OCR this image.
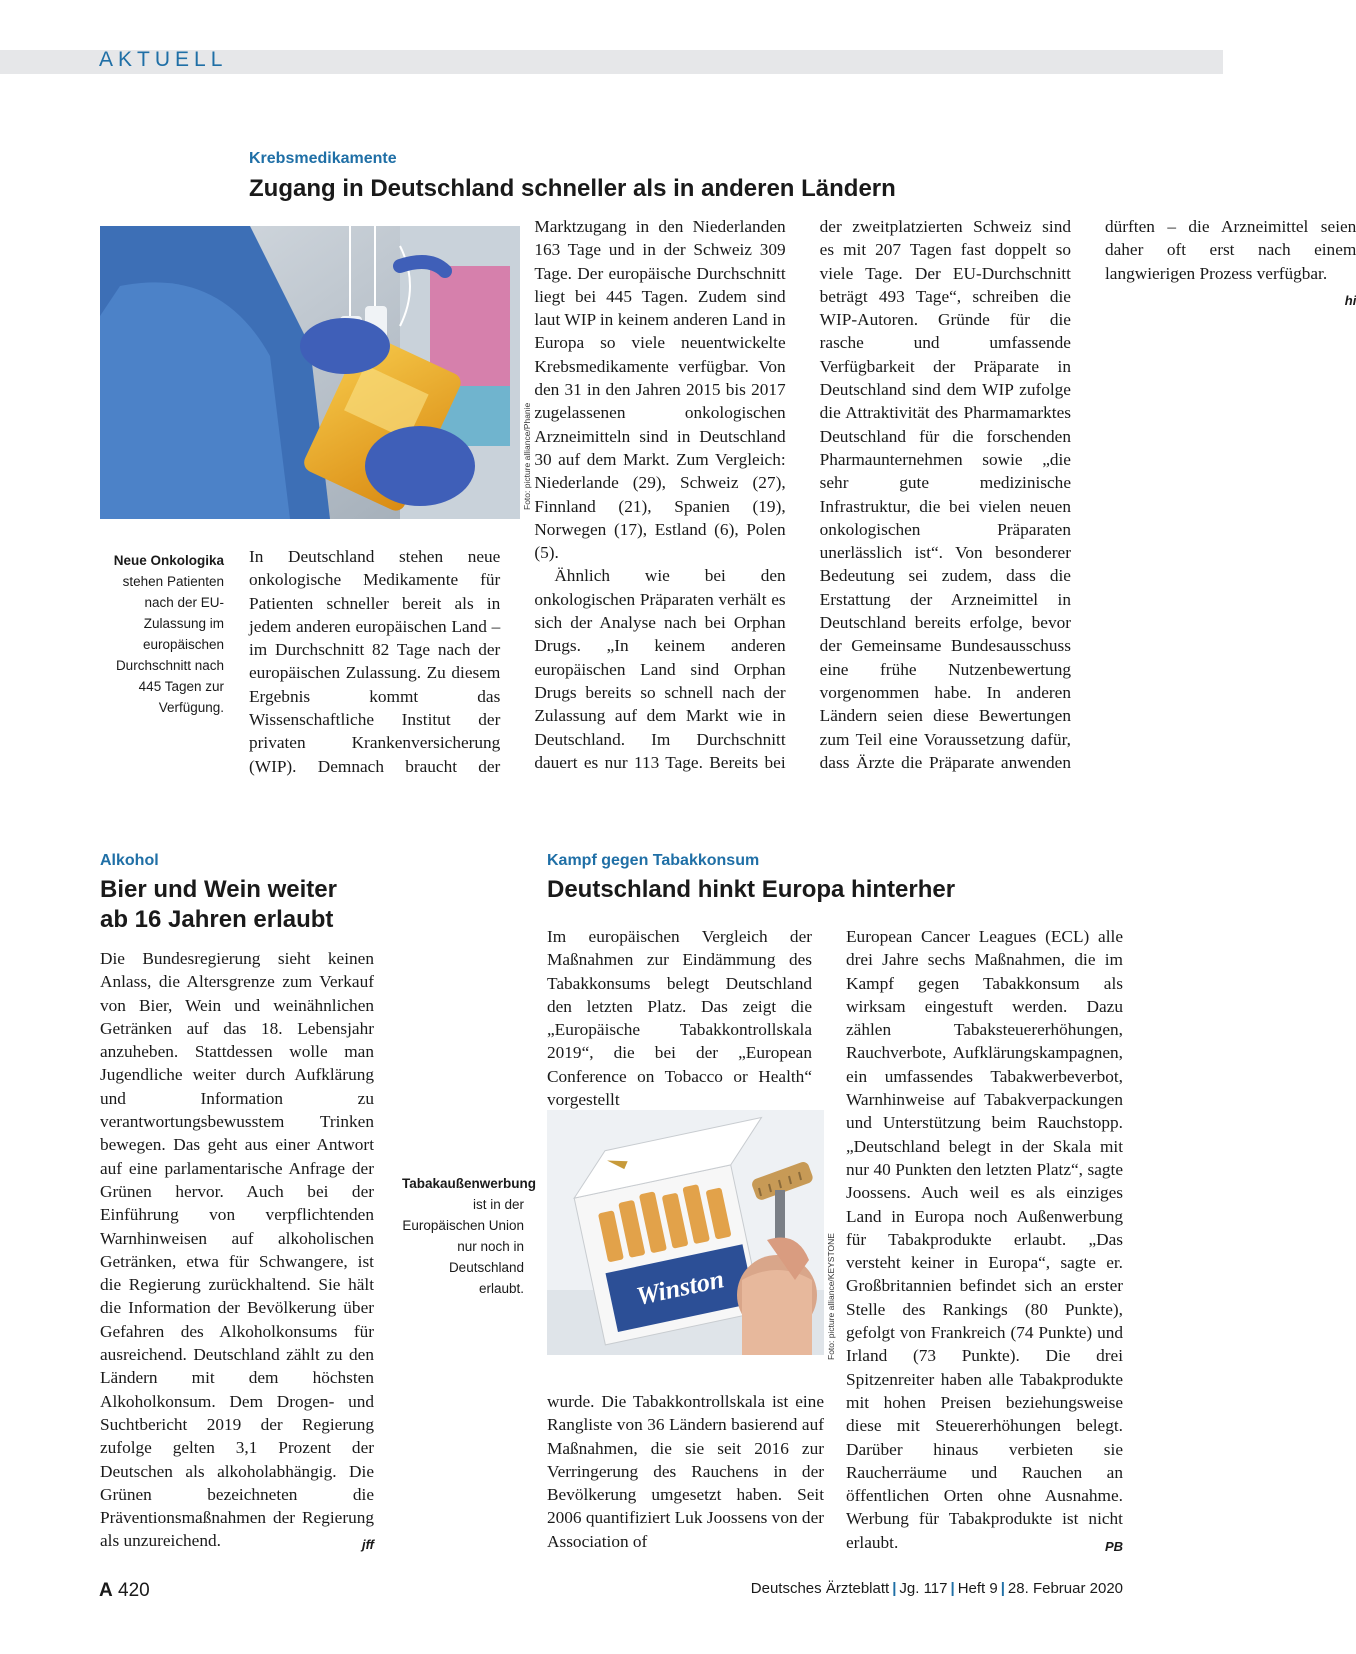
AKTUELL
Krebsmedikamente
Zugang in Deutschland schneller als in anderen Ländern
Foto: picture alliance/Phanie
Neue Onkologika
stehen Patienten nach der EU-Zulassung im europäischen Durchschnitt nach 445 Tagen zur Verfügung.

In Deutschland stehen neue onkologische Medikamente für Patienten schneller bereit als in jedem anderen europäischen Land – im Durchschnitt 82 Tage nach der europäischen Zulassung. Zu diesem Ergebnis kommt das Wissenschaftliche Institut der privaten Krankenversicherung (WIP). Demnach braucht der Marktzugang in den Niederlanden 163 Tage und in der Schweiz 309 Tage. Der europäische Durchschnitt liegt bei 445 Tagen. Zudem sind laut WIP in keinem anderen Land in Europa so viele neuentwickelte Krebsmedikamente verfügbar. Von den 31 in den Jahren 2015 bis 2017 zugelassenen onkologischen Arzneimitteln sind in Deutschland 30 auf dem Markt. Zum Vergleich: Niederlande (29), Schweiz (27), Finnland (21), Spanien (19), Norwegen (17), Estland (6), Polen (5).

Ähnlich wie bei den onkologischen Präparaten verhält es sich der Analyse nach bei Orphan Drugs. „In keinem anderen europäischen Land sind Orphan Drugs bereits so schnell nach der Zulassung auf dem Markt wie in Deutschland. Im Durchschnitt dauert es nur 113 Tage. Bereits bei der zweitplatzierten Schweiz sind es mit 207 Tagen fast doppelt so viele Tage. Der EU-Durchschnitt beträgt 493 Tage“, schreiben die WIP-Autoren. Gründe für die rasche und umfassende Verfügbarkeit der Präparate in Deutschland sind dem WIP zufolge die Attraktivität des Pharmamarktes Deutschland für die forschenden Pharmaunternehmen sowie „die sehr gute medizinische Infrastruktur, die bei vielen neuen onkologischen Präparaten unerlässlich ist“. Von besonderer Bedeutung sei zudem, dass die Erstattung der Arzneimittel in Deutschland bereits erfolge, bevor der Gemeinsame Bundesausschuss eine frühe Nutzenbewertung vorgenommen habe. In anderen Ländern seien diese Bewertungen zum Teil eine Voraussetzung dafür, dass Ärzte die Präparate anwenden dürften – die Arzneimittel seien daher oft erst nach einem langwierigen Prozess verfügbar.
hi

Alkohol
Bier und Wein weiter
ab 16 Jahren erlaubt

Die Bundesregierung sieht keinen Anlass, die Altersgrenze zum Verkauf von Bier, Wein und weinähnlichen Getränken auf das 18. Lebensjahr anzuheben. Stattdessen wolle man Jugendliche weiter durch Aufklärung und Information zu verantwortungsbewusstem Trinken bewegen. Das geht aus einer Antwort auf eine parlamentarische Anfrage der Grünen hervor. Auch bei der Einführung von verpflichtenden Warnhinweisen auf alkoholischen Getränken, etwa für Schwangere, ist die Regierung zurückhaltend. Sie hält die Information der Bevölkerung über Gefahren des Alkoholkonsums für ausreichend. Deutschland zählt zu den Ländern mit dem höchsten Alkoholkonsum. Dem Drogen- und Suchtbericht 2019 der Regierung zufolge gelten 3,1 Prozent der Deutschen als alkoholabhängig. Die Grünen bezeichneten die Präventionsmaßnahmen der Regierung als unzureichend.	jff

Kampf gegen Tabakkonsum
Deutschland hinkt Europa hinterher

Im europäischen Vergleich der Maßnahmen zur Eindämmung des Tabakkonsums belegt Deutschland den letzten Platz. Das zeigt die „Europäische Tabakkontrollskala 2019“, die bei der „European Conference on Tobacco or Health“ vorgestellt

Winston	Foto: picture alliance/KEYSTONE
Tabakaußenwerbung ist in der Europäischen Union nur noch in Deutschland erlaubt.

wurde. Die Tabakkontrollskala ist eine Rangliste von 36 Ländern basierend auf Maßnahmen, die sie seit 2016 zur Verringerung des Rauchens in der Bevölkerung umgesetzt haben. Seit 2006 quantifiziert Luk Joossens von der Association of

European Cancer Leagues (ECL) alle drei Jahre sechs Maßnahmen, die im Kampf gegen Tabakkonsum als wirksam eingestuft werden. Dazu zählen Tabaksteuererhöhungen, Rauchverbote, Aufklärungskampagnen, ein umfassendes Tabakwerbeverbot, Warnhinweise auf Tabakverpackungen und Unterstützung beim Rauchstopp. „Deutschland belegt in der Skala mit nur 40 Punkten den letzten Platz“, sagte Joossens. Auch weil es als einziges Land in Europa noch Außenwerbung für Tabakprodukte erlaubt. „Das versteht keiner in Europa“, sagte er. Großbritannien befindet sich an erster Stelle des Rankings (80 Punkte), gefolgt von Frankreich (74 Punkte) und Irland (73 Punkte). Die drei Spitzenreiter haben alle Tabakprodukte mit hohen Preisen beziehungsweise diese mit Steuererhöhungen belegt. Darüber hinaus verbieten sie Raucherräume und Rauchen an öffentlichen Orten ohne Ausnahme. Werbung für Tabakprodukte ist nicht erlaubt.	PB

A 420	Deutsches Ärzteblatt | Jg. 117 | Heft 9 | 28. Februar 2020
